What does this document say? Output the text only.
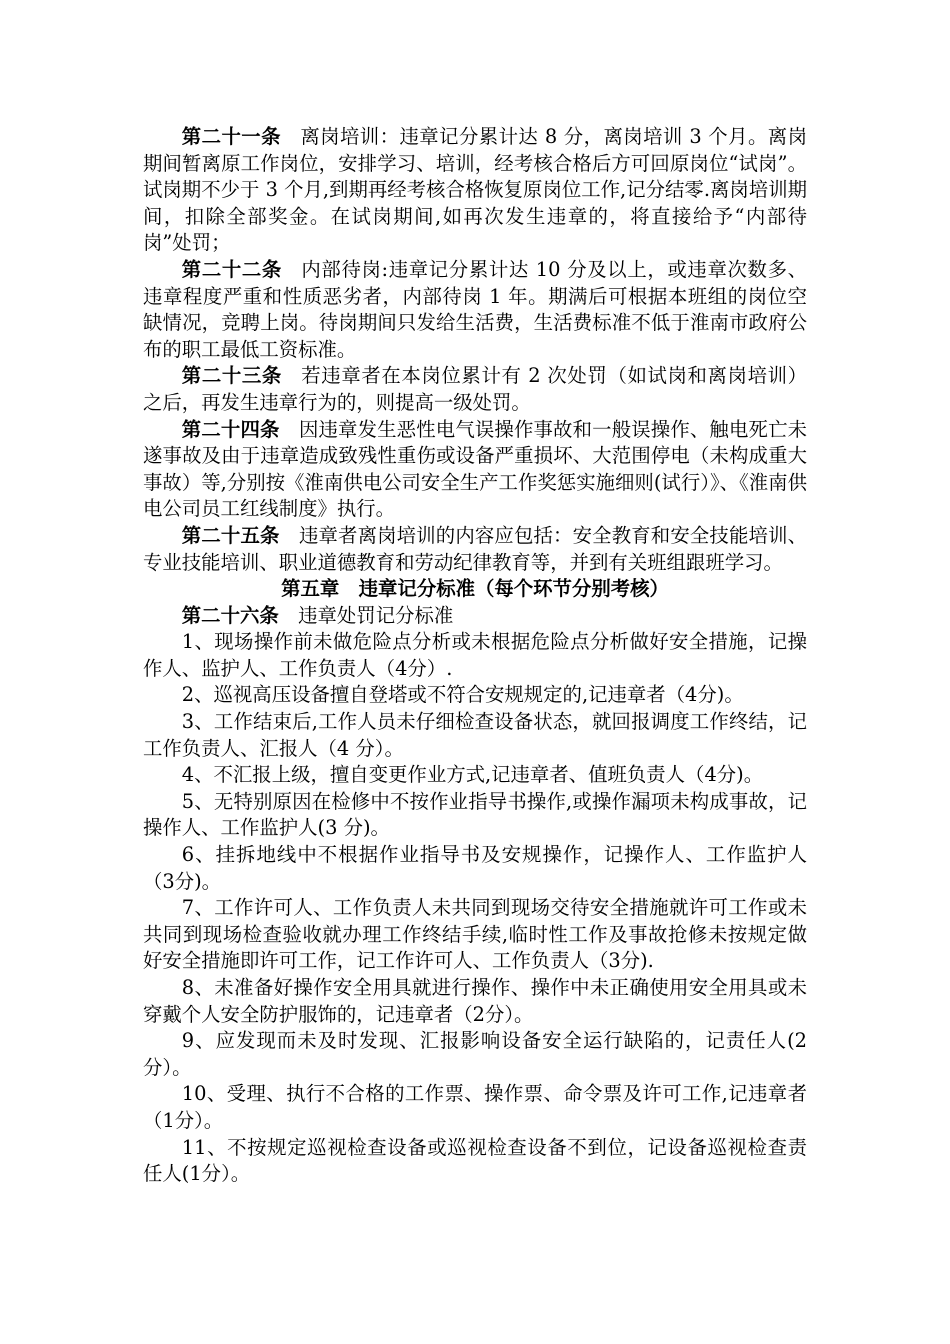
第二十一条 离岗培训：违章记分累计达 8 分，离岗培训 3 个月。离岗期间暂离原工作岗位，安排学习、培训，经考核合格后方可回原岗位“试岗”。试岗期不少于 3 个月,到期再经考核合格恢复原岗位工作,记分结零.离岗培训期间，扣除全部奖金。在试岗期间,如再次发生违章的，将直接给予“内部待岗”处罚；

第二十二条 内部待岗:违章记分累计达 10 分及以上，或违章次数多、违章程度严重和性质恶劣者，内部待岗 1 年。期满后可根据本班组的岗位空缺情况，竞聘上岗。待岗期间只发给生活费，生活费标准不低于淮南市政府公布的职工最低工资标准。

第二十三条 若违章者在本岗位累计有 2 次处罚（如试岗和离岗培训）之后，再发生违章行为的，则提高一级处罚。

第二十四条 因违章发生恶性电气误操作事故和一般误操作、触电死亡未遂事故及由于违章造成致残性重伤或设备严重损坏、大范围停电（未构成重大事故）等,分别按《淮南供电公司安全生产工作奖惩实施细则(试行）》、《淮南供电公司员工红线制度》执行。

第二十五条 违章者离岗培训的内容应包括：安全教育和安全技能培训、专业技能培训、职业道德教育和劳动纪律教育等，并到有关班组跟班学习。

第五章　违章记分标准（每个环节分别考核）

第二十六条 违章处罚记分标准

1、现场操作前未做危险点分析或未根据危险点分析做好安全措施，记操作人、监护人、工作负责人（4分）.

2、巡视高压设备擅自登塔或不符合安规规定的,记违章者（4分)。

3、工作结束后,工作人员未仔细检查设备状态，就回报调度工作终结，记工作负责人、汇报人（4 分）。

4、不汇报上级，擅自变更作业方式,记违章者、值班负责人（4分)。

5、无特别原因在检修中不按作业指导书操作,或操作漏项未构成事故，记操作人、工作监护人(3 分)。

6、挂拆地线中不根据作业指导书及安规操作，记操作人、工作监护人 （3分)。

7、工作许可人、工作负责人未共同到现场交待安全措施就许可工作或未共同到现场检查验收就办理工作终结手续,临时性工作及事故抢修未按规定做好安全措施即许可工作，记工作许可人、工作负责人（3分).

8、未准备好操作安全用具就进行操作、操作中未正确使用安全用具或未穿戴个人安全防护服饰的，记违章者（2分）。

9、应发现而未及时发现、汇报影响设备安全运行缺陷的，记责任人(2分）。

10、受理、执行不合格的工作票、操作票、命令票及许可工作,记违章者（1分）。

11、不按规定巡视检查设备或巡视检查设备不到位，记设备巡视检查责任人(1分）。
